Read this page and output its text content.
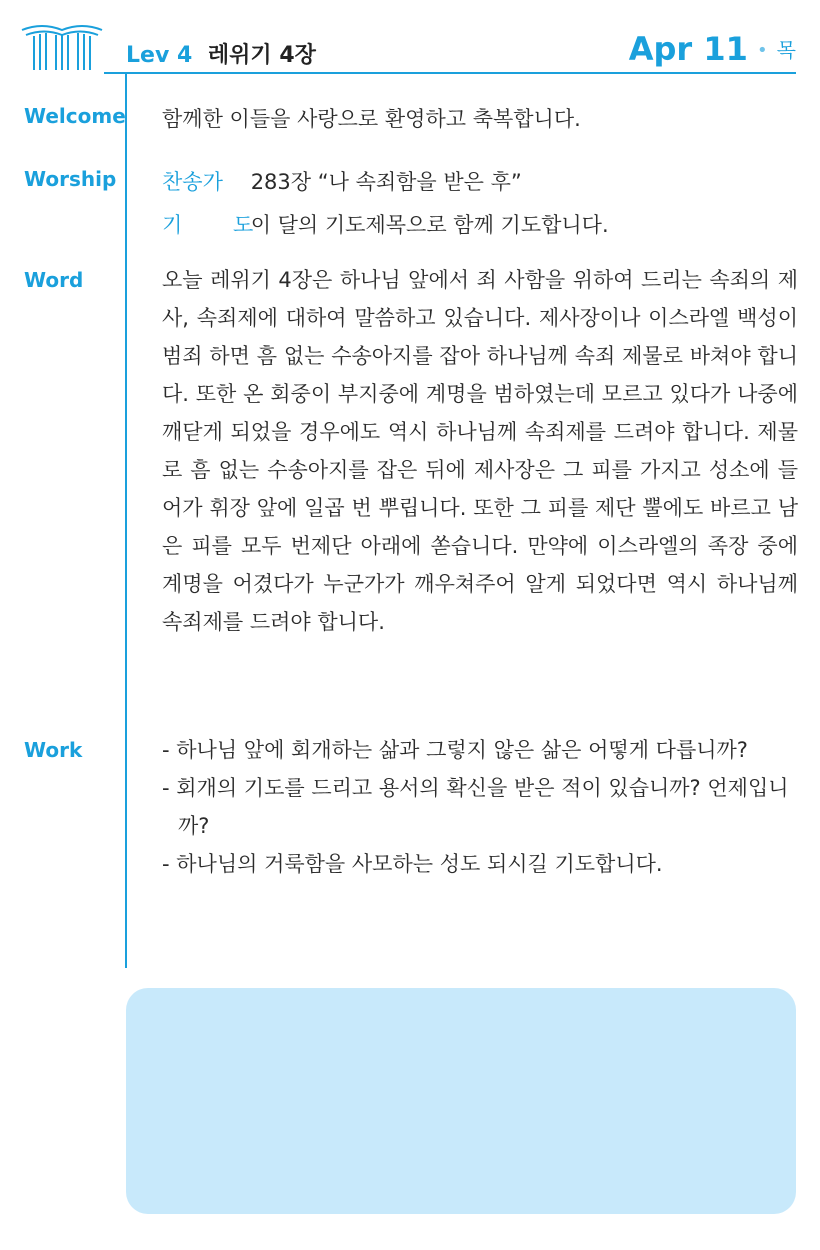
Lev 4 레위기 4장	Apr 11 • 목
Welcome 함께한 이들을 사랑으로 환영하고 축복합니다.
Worship 찬송가 283장 “나 속죄함을 받은 후”
기 도 이 달의 기도제목으로 함께 기도합니다.
Word	오늘 레위기 4장은 하나님 앞에서 죄 사함을 위하여 드리는 속죄의 제사, 속죄제에 대하여 말씀하고 있습니다. 제사장이나 이스라엘 백성이 범죄 하면 흠 없는 수송아지를 잡아 하나님께 속죄 제물로 바쳐야 합니다. 또한 온 회중이 부지중에 계명을 범하였는데 모르고 있다가 나중에 깨닫게 되었을 경우에도 역시 하나님께 속죄제를 드려야 합니다. 제물로 흠 없는 수송아지를 잡은 뒤에 제사장은 그 피를 가지고 성소에 들어가 휘장 앞에 일곱 번 뿌립니다. 또한 그 피를 제단 뿔에도 바르고 남은 피를 모두 번제단 아래에 쏟습니다. 만약에 이스라엘의 족장 중에 계명을 어겼다가 누군가가 깨우쳐주어 알게 되었다면 역시 하나님께 속죄제를 드려야 합니다.

Work	- 하나님 앞에 회개하는 삶과 그렇지 않은 삶은 어떻게 다릅니까?
- 회개의 기도를 드리고 용서의 확신을 받은 적이 있습니까? 언제입니까?
- 하나님의 거룩함을 사모하는 성도 되시길 기도합니다.
